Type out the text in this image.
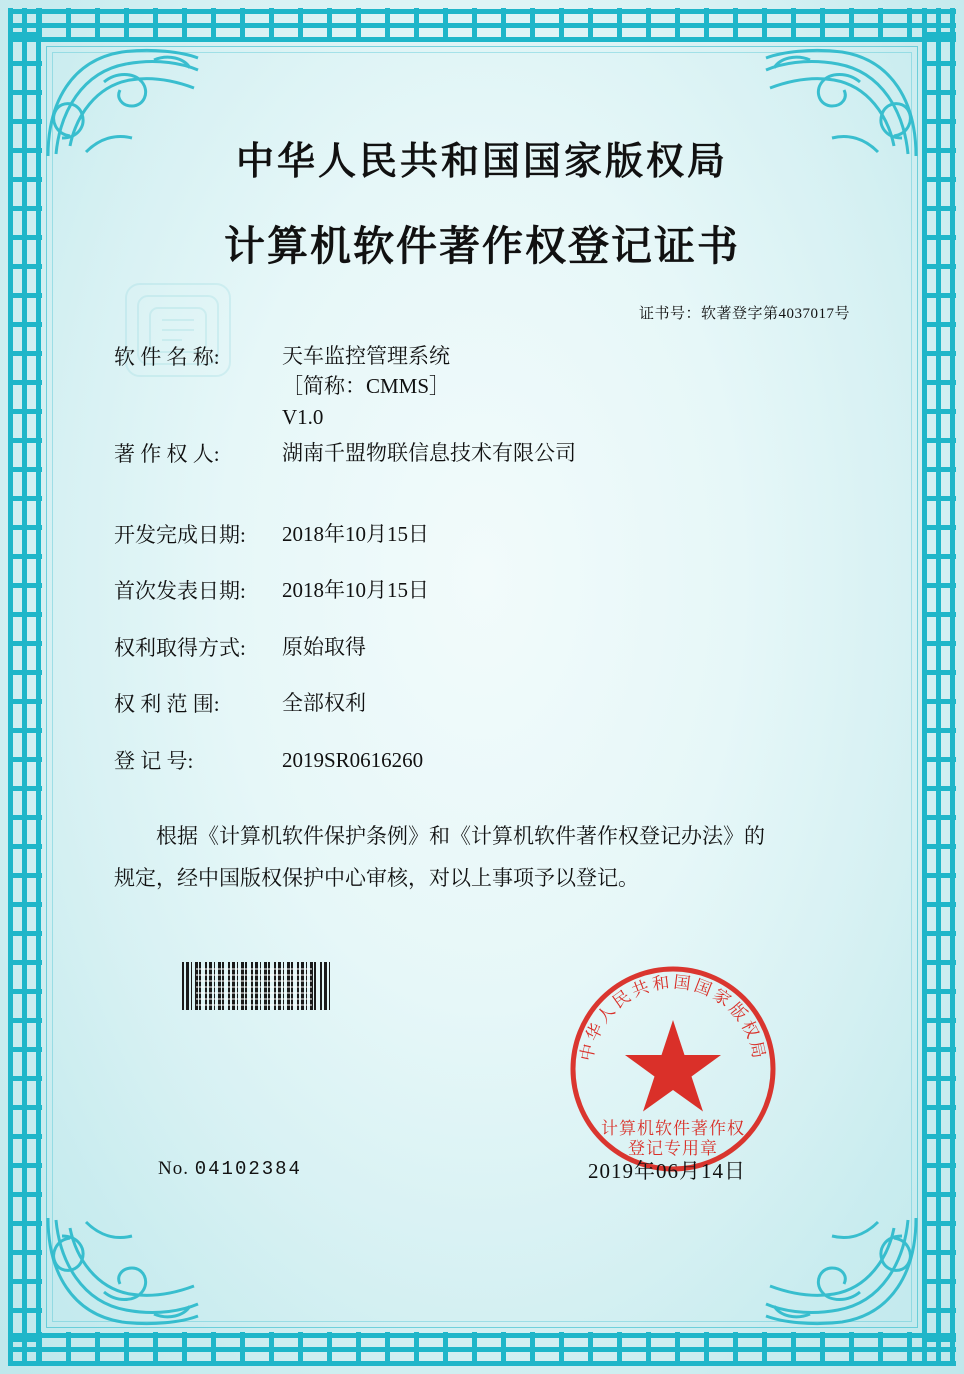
中华人民共和国国家版权局
计算机软件著作权登记证书
证书号：软著登字第4037017号
软 件 名 称:	天车监控管理系统
［简称：CMMS］
V1.0
著 作 权 人:	湖南千盟物联信息技术有限公司
开发完成日期:	2018年10月15日
首次发表日期:	2018年10月15日
权利取得方式:	原始取得
权 利 范 围:	全部权利
登 记 号:	2019SR0616260
根据《计算机软件保护条例》和《计算机软件著作权登记办法》的
规定，经中国版权保护中心审核，对以上事项予以登记。
中华人民共和国国家版权局
计算机软件著作权
登记专用章
No. 04102384	2019年06月14日
